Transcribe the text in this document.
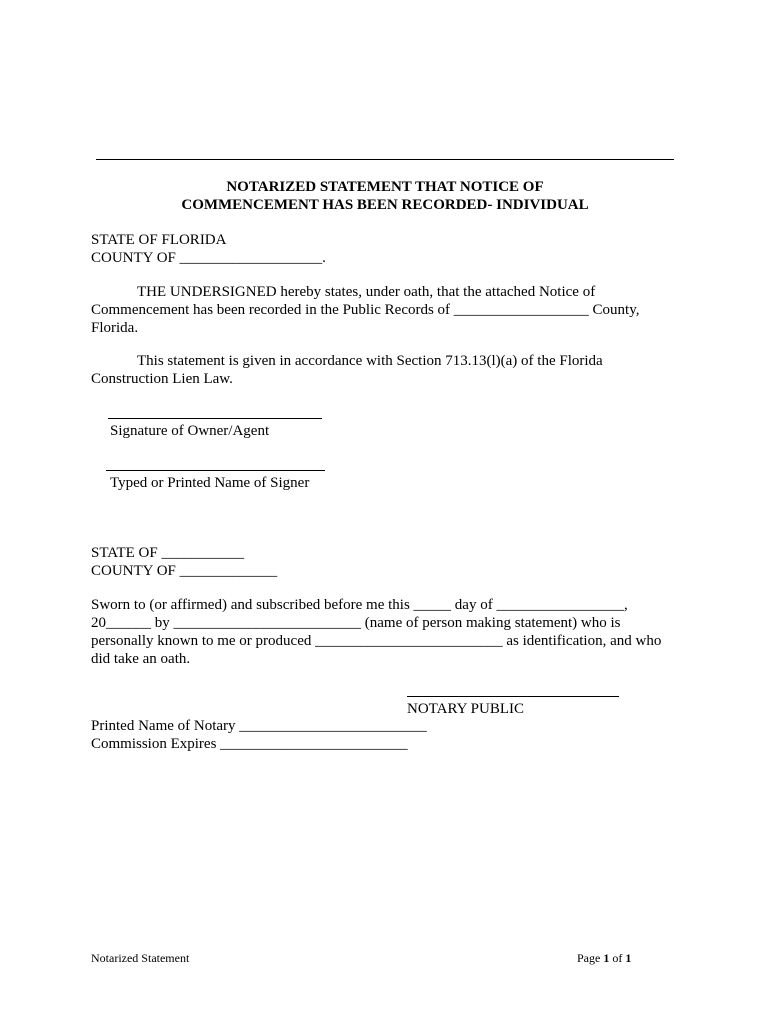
NOTARIZED STATEMENT THAT NOTICE OF
COMMENCEMENT HAS BEEN RECORDED- INDIVIDUAL
STATE OF FLORIDA
COUNTY OF ___________________.
THE UNDERSIGNED hereby states, under oath, that the attached Notice of
Commencement has been recorded in the Public Records of __________________ County,
Florida.
This statement is given in accordance with Section 713.13(l)(a) of the Florida
Construction Lien Law.
Signature of Owner/Agent
Typed or Printed Name of Signer
STATE OF ___________
COUNTY OF _____________
Sworn to (or affirmed) and subscribed before me this _____ day of _________________,
20______ by _________________________ (name of person making statement) who is
personally known to me or produced _________________________ as identification, and who
did take an oath.
NOTARY PUBLIC
Printed Name of Notary _________________________
Commission Expires _________________________
Notarized Statement	Page 1 of 1
